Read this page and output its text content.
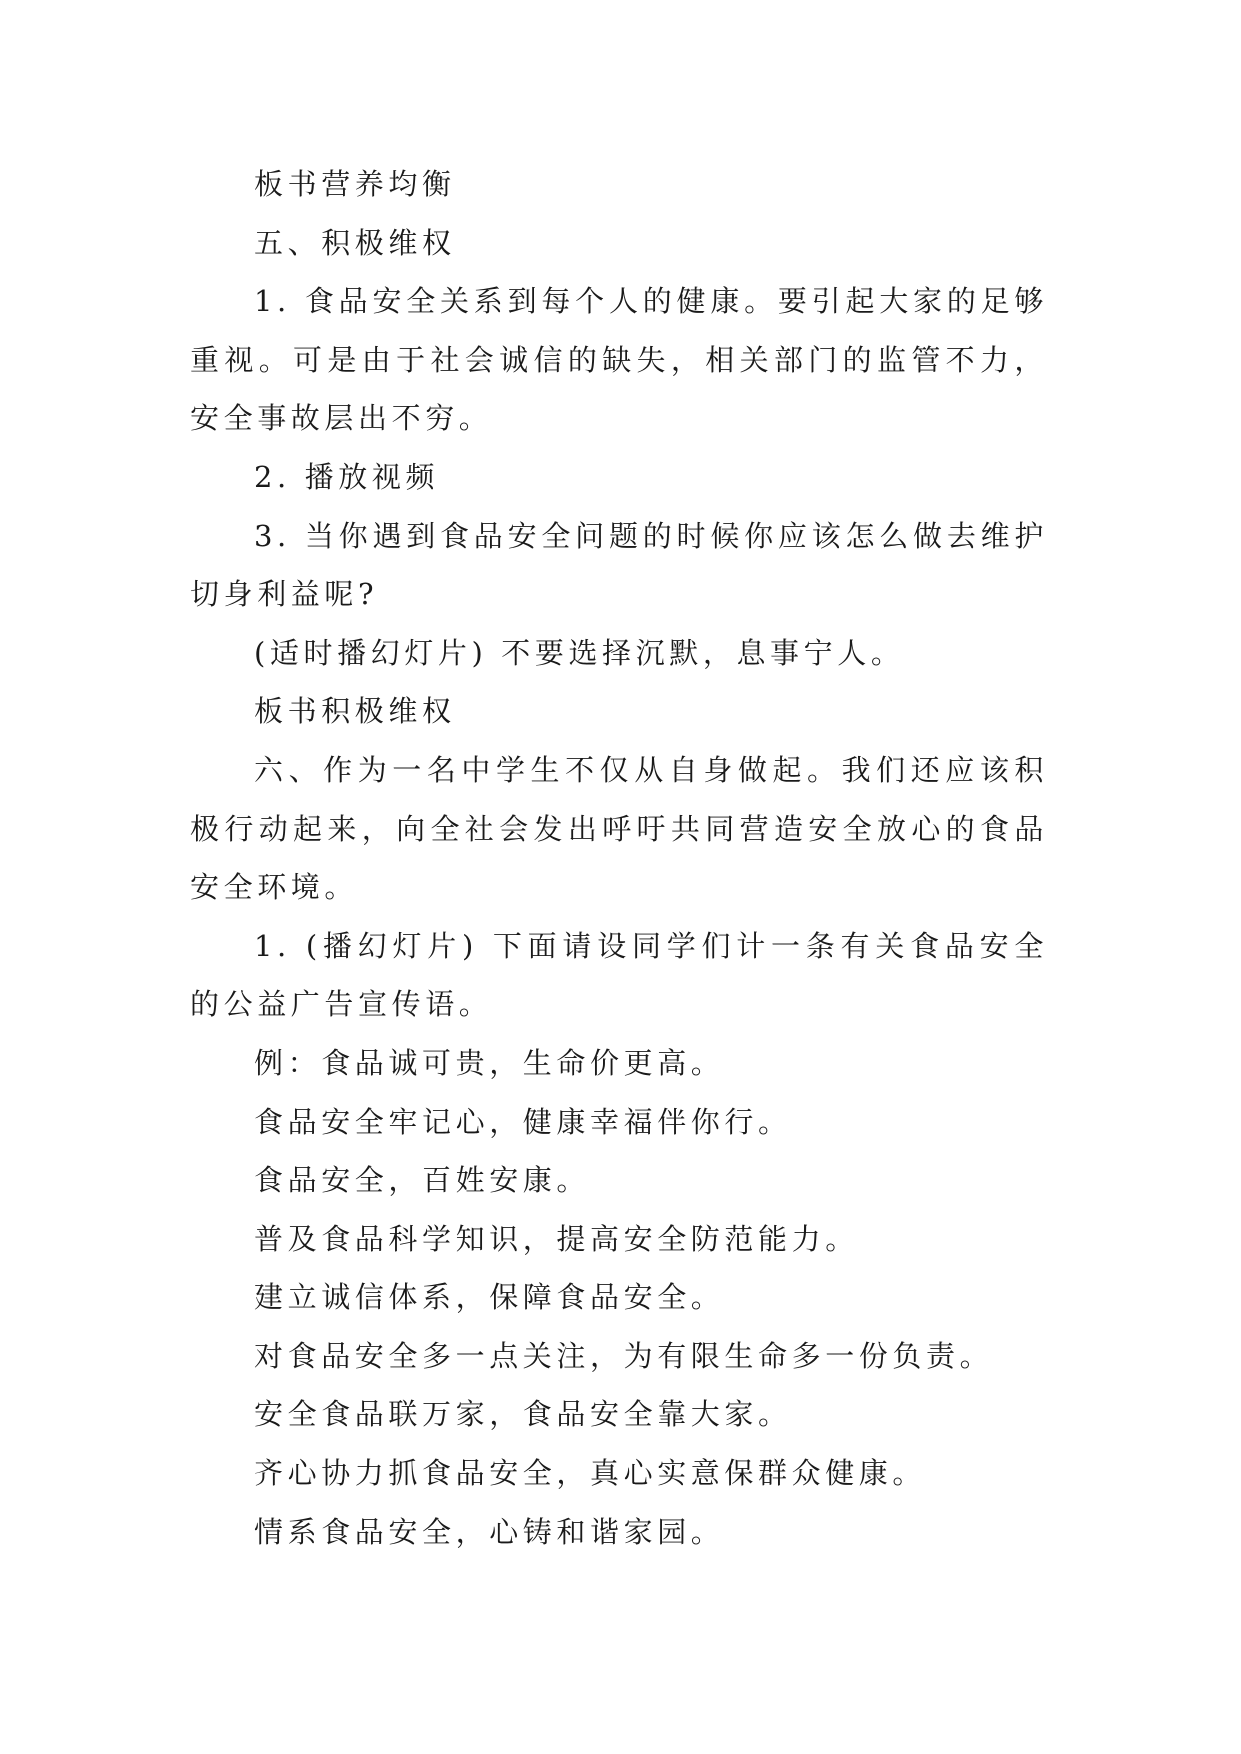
板书营养均衡

五、积极维权

1. 食品安全关系到每个人的健康。要引起大家的足够重视。可是由于社会诚信的缺失，相关部门的监管不力，安全事故层出不穷。

2. 播放视频

3. 当你遇到食品安全问题的时候你应该怎么做去维护切身利益呢?

(适时播幻灯片) 不要选择沉默，息事宁人。

板书积极维权

六、作为一名中学生不仅从自身做起。我们还应该积极行动起来，向全社会发出呼吁共同营造安全放心的食品安全环境。

1. (播幻灯片) 下面请设同学们计一条有关食品安全的公益广告宣传语。

例：食品诚可贵，生命价更高。

食品安全牢记心，健康幸福伴你行。

食品安全，百姓安康。

普及食品科学知识，提高安全防范能力。

建立诚信体系，保障食品安全。

对食品安全多一点关注，为有限生命多一份负责。

安全食品联万家，食品安全靠大家。

齐心协力抓食品安全，真心实意保群众健康。

情系食品安全，心铸和谐家园。
